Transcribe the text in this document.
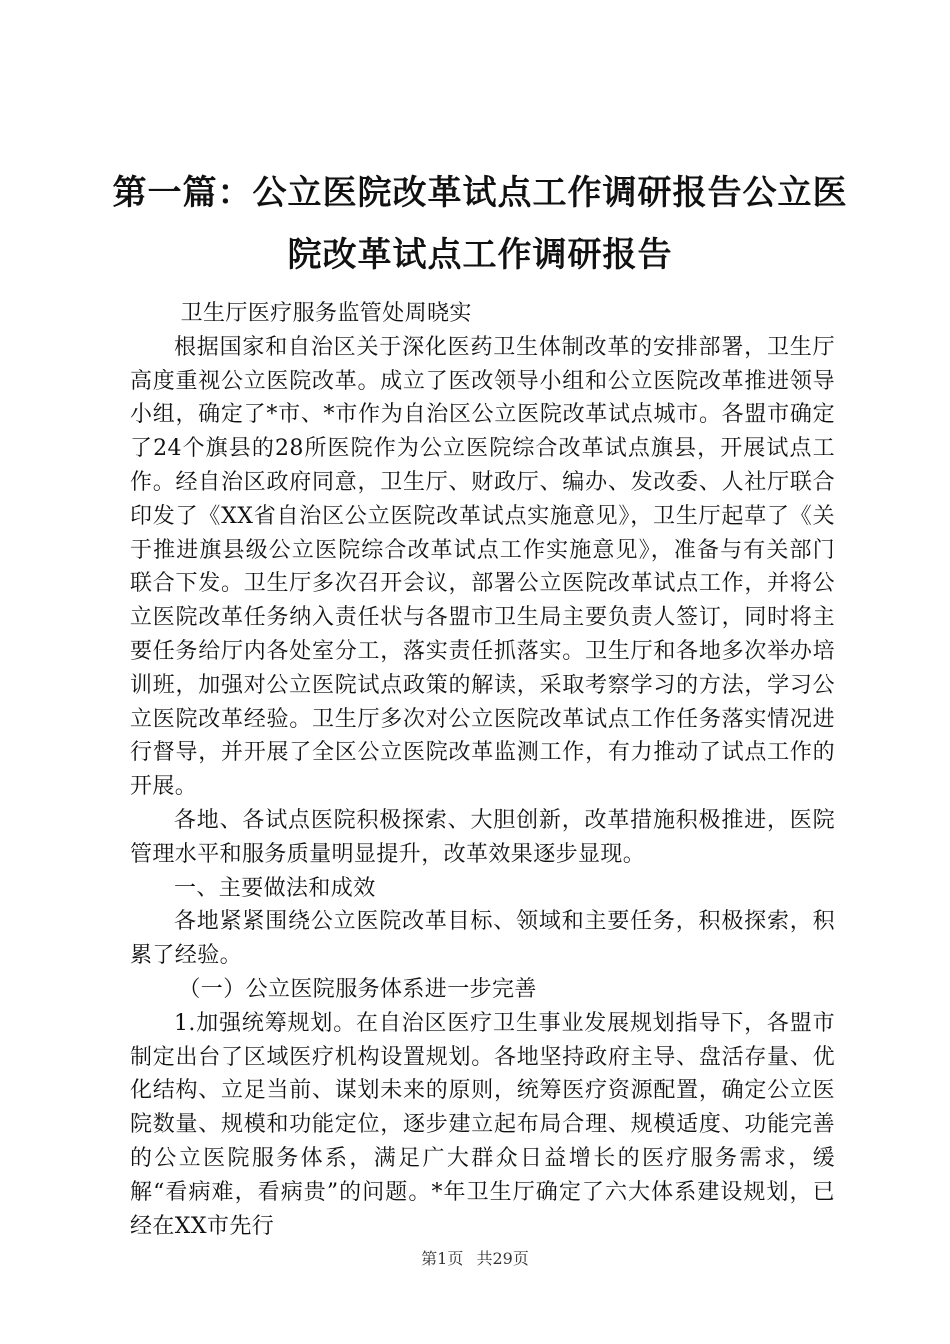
第一篇：公立医院改革试点工作调研报告公立医院改革试点工作调研报告

卫生厅医疗服务监管处周晓实

根据国家和自治区关于深化医药卫生体制改革的安排部署，卫生厅高度重视公立医院改革。成立了医改领导小组和公立医院改革推进领导小组，确定了*市、*市作为自治区公立医院改革试点城市。各盟市确定了24个旗县的28所医院作为公立医院综合改革试点旗县，开展试点工作。经自治区政府同意，卫生厅、财政厅、编办、发改委、人社厅联合印发了《XX省自治区公立医院改革试点实施意见》，卫生厅起草了《关于推进旗县级公立医院综合改革试点工作实施意见》，准备与有关部门联合下发。卫生厅多次召开会议，部署公立医院改革试点工作，并将公立医院改革任务纳入责任状与各盟市卫生局主要负责人签订，同时将主要任务给厅内各处室分工，落实责任抓落实。卫生厅和各地多次举办培训班，加强对公立医院试点政策的解读，采取考察学习的方法，学习公立医院改革经验。卫生厅多次对公立医院改革试点工作任务落实情况进行督导，并开展了全区公立医院改革监测工作，有力推动了试点工作的开展。

各地、各试点医院积极探索、大胆创新，改革措施积极推进，医院管理水平和服务质量明显提升，改革效果逐步显现。

一、主要做法和成效

各地紧紧围绕公立医院改革目标、领域和主要任务，积极探索，积累了经验。

（一）公立医院服务体系进一步完善

1.加强统筹规划。在自治区医疗卫生事业发展规划指导下，各盟市制定出台了区域医疗机构设置规划。各地坚持政府主导、盘活存量、优化结构、立足当前、谋划未来的原则，统筹医疗资源配置，确定公立医院数量、规模和功能定位，逐步建立起布局合理、规模适度、功能完善的公立医院服务体系，满足广大群众日益增长的医疗服务需求，缓解“看病难，看病贵”的问题。*年卫生厅确定了六大体系建设规划，已经在XX市先行

第1页 共29页
